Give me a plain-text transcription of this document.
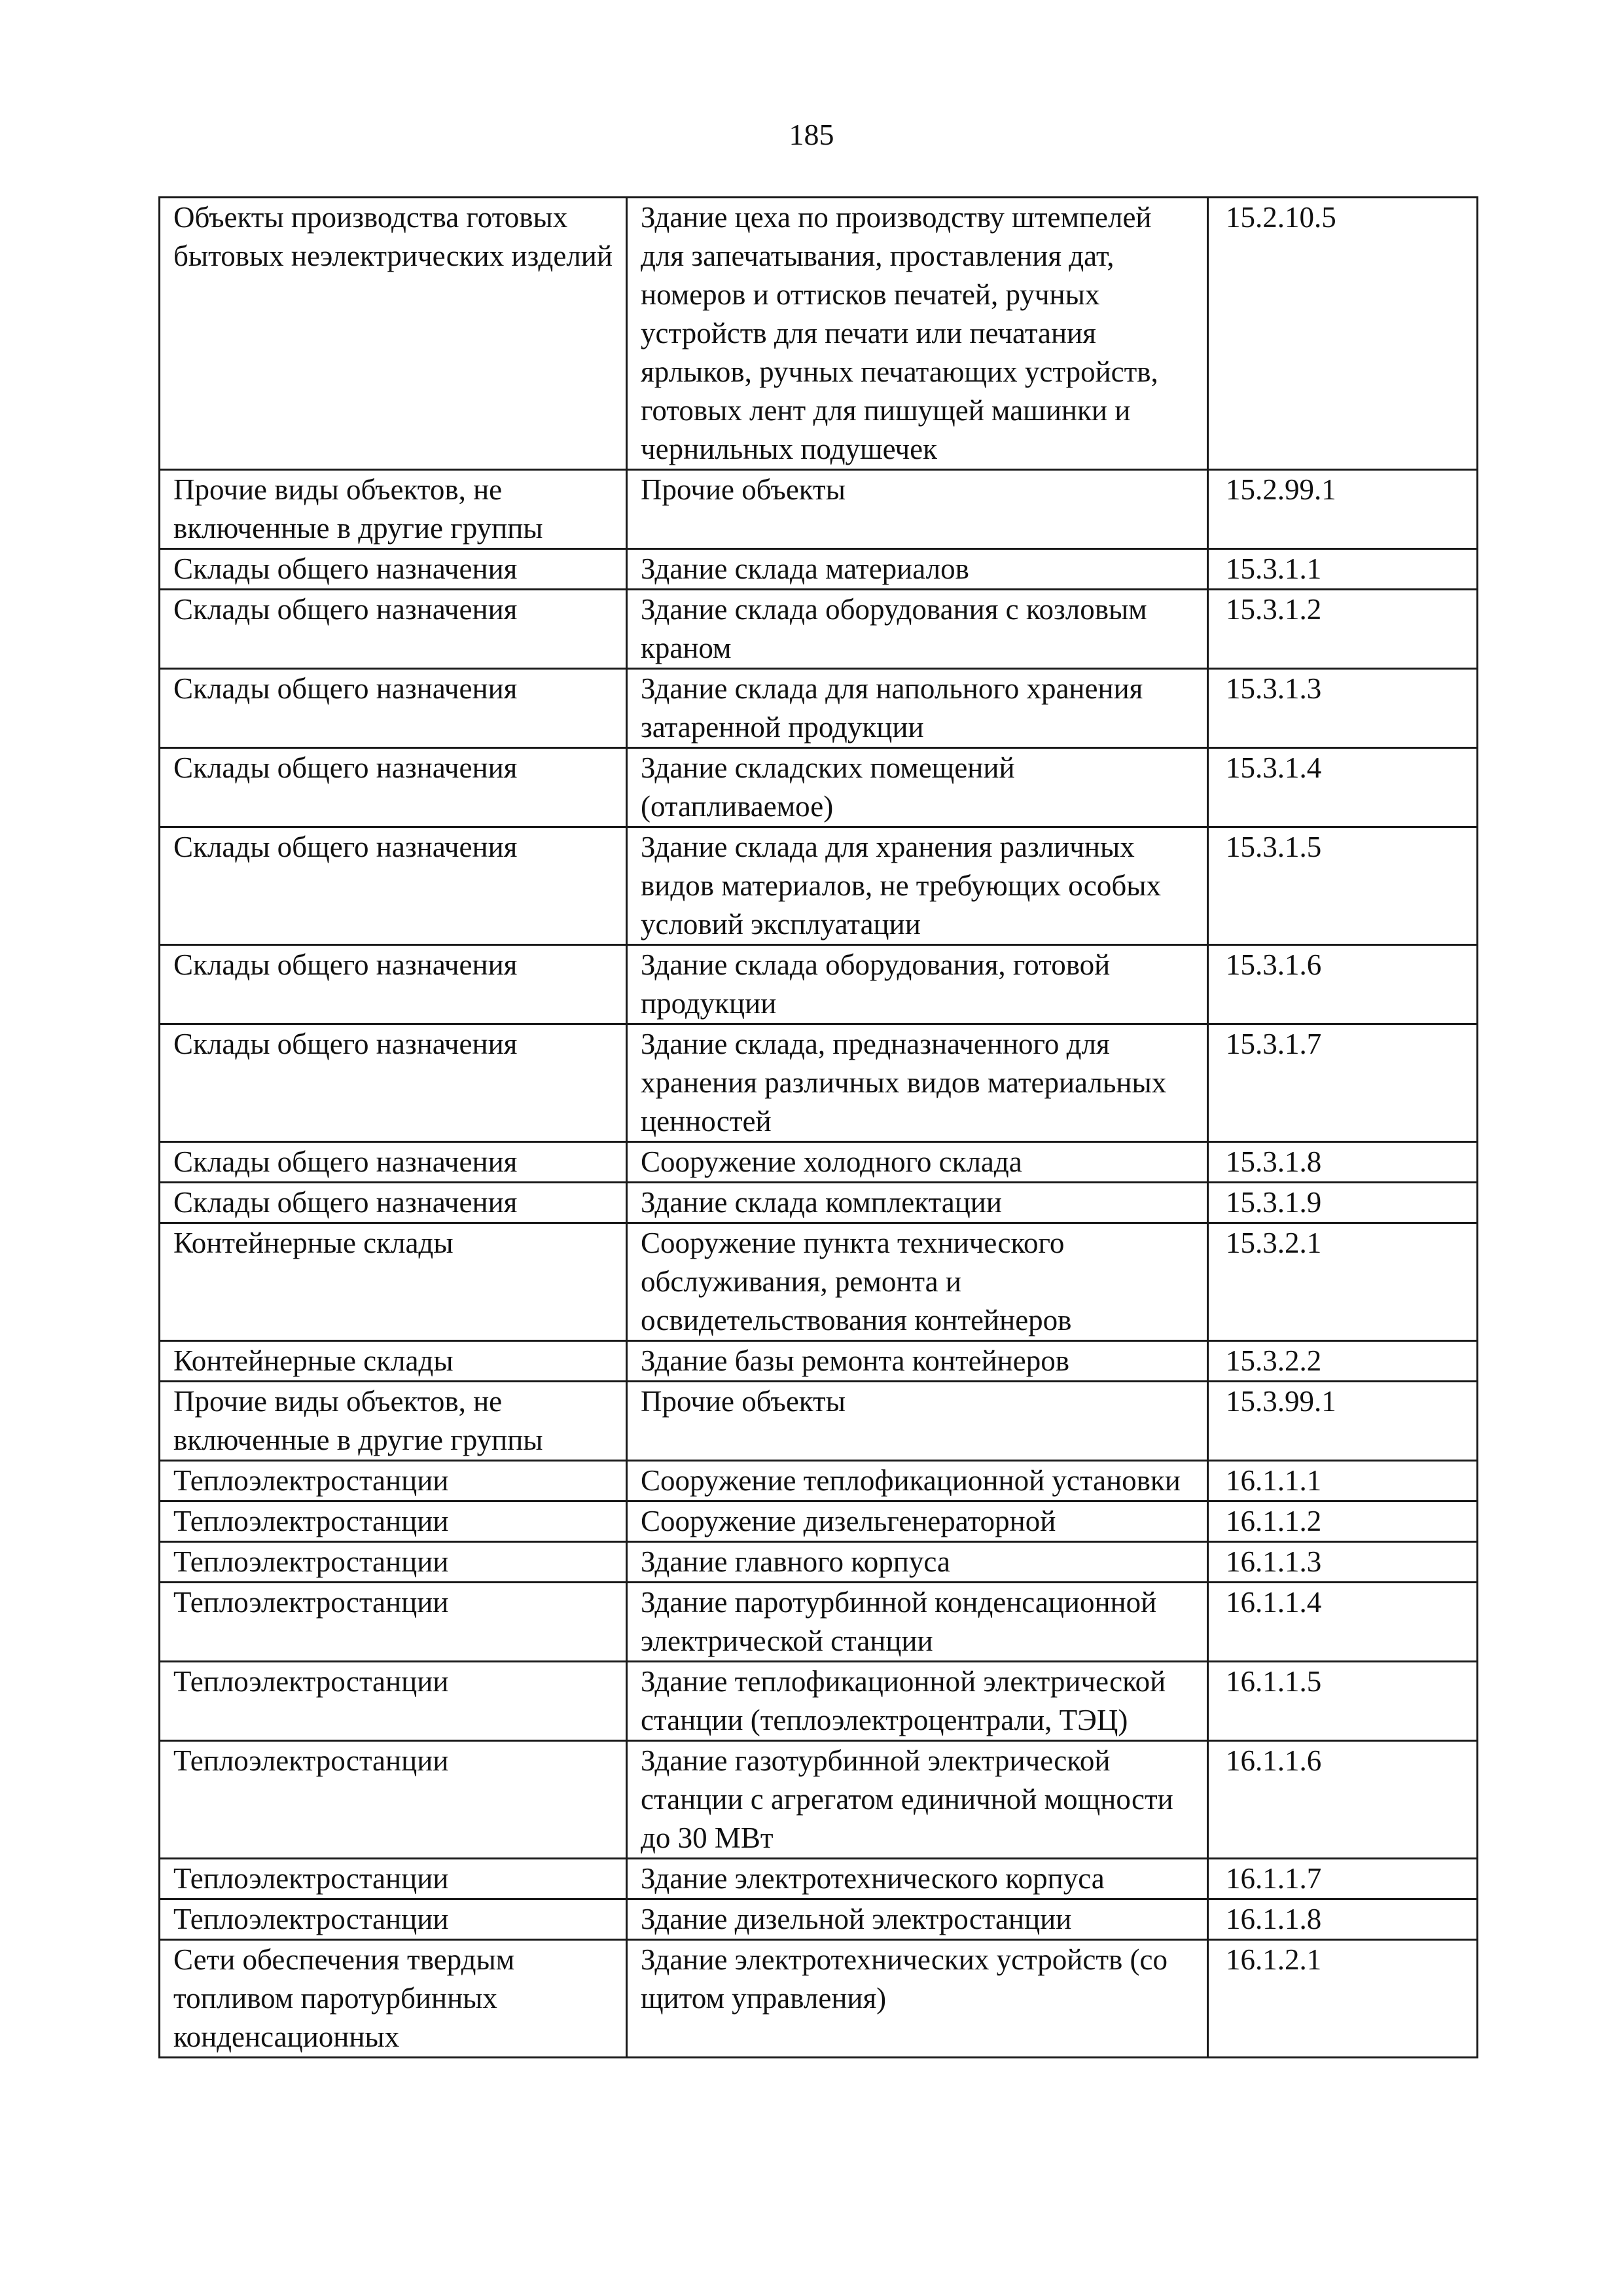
185
Объекты производства готовых бытовых неэлектрических изделий	Здание цеха по производству штемпелей для запечатывания, проставления дат, номеров и оттисков печатей, ручных устройств для печати или печатания ярлыков, ручных печатающих устройств, готовых лент для пишущей машинки и чернильных подушечек	15.2.10.5
Прочие виды объектов, не включенные в другие группы	Прочие объекты	15.2.99.1
Склады общего назначения	Здание склада материалов	15.3.1.1
Склады общего назначения	Здание склада оборудования с козловым краном	15.3.1.2
Склады общего назначения	Здание склада для напольного хранения затаренной продукции	15.3.1.3
Склады общего назначения	Здание складских помещений (отапливаемое)	15.3.1.4
Склады общего назначения	Здание склада для хранения различных видов материалов, не требующих особых условий эксплуатации	15.3.1.5
Склады общего назначения	Здание склада оборудования, готовой продукции	15.3.1.6
Склады общего назначения	Здание склада, предназначенного для хранения различных видов материальных ценностей	15.3.1.7
Склады общего назначения	Сооружение холодного склада	15.3.1.8
Склады общего назначения	Здание склада комплектации	15.3.1.9
Контейнерные склады	Сооружение пункта технического обслуживания, ремонта и освидетельствования контейнеров	15.3.2.1
Контейнерные склады	Здание базы ремонта контейнеров	15.3.2.2
Прочие виды объектов, не включенные в другие группы	Прочие объекты	15.3.99.1
Теплоэлектростанции	Сооружение теплофикационной установки	16.1.1.1
Теплоэлектростанции	Сооружение дизельгенераторной	16.1.1.2
Теплоэлектростанции	Здание главного корпуса	16.1.1.3
Теплоэлектростанции	Здание паротурбинной конденсационной электрической станции	16.1.1.4
Теплоэлектростанции	Здание теплофикационной электрической станции (теплоэлектроцентрали, ТЭЦ)	16.1.1.5
Теплоэлектростанции	Здание газотурбинной электрической станции с агрегатом единичной мощности до 30 МВт	16.1.1.6
Теплоэлектростанции	Здание электротехнического корпуса	16.1.1.7
Теплоэлектростанции	Здание дизельной электростанции	16.1.1.8
Сети обеспечения твердым топливом паротурбинных конденсационных	Здание электротехнических устройств (со щитом управления)	16.1.2.1
